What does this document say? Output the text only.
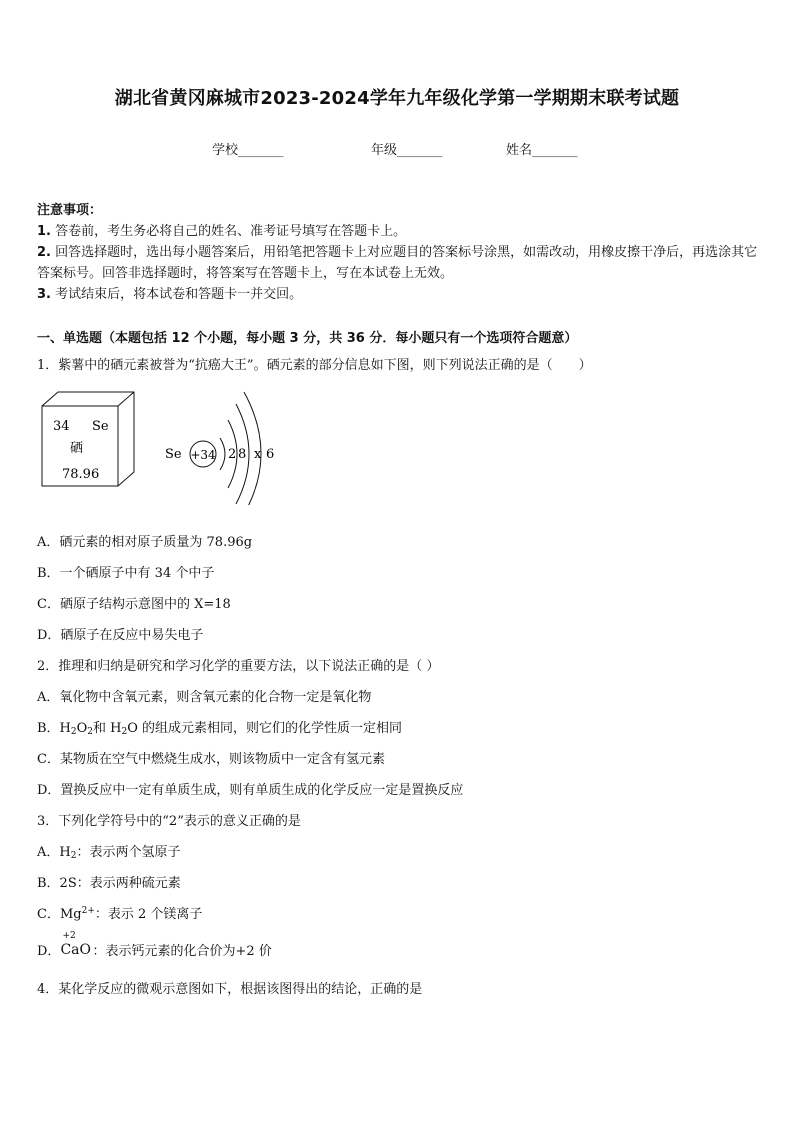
湖北省黄冈麻城市2023-2024学年九年级化学第一学期期末联考试题
学校_______	年级_______	姓名_______
注意事项：
1. 答卷前，考生务必将自己的姓名、准考证号填写在答题卡上。
2. 回答选择题时，选出每小题答案后，用铅笔把答题卡上对应题目的答案标号涂黑，如需改动，用橡皮擦干净后，再选涂其它答案标号。回答非选择题时，将答案写在答题卡上，写在本试卷上无效。
3. 考试结束后，将本试卷和答题卡一并交回。
一、单选题（本题包括 12 个小题，每小题 3 分，共 36 分．每小题只有一个选项符合题意）
1．紫薯中的硒元素被誉为“抗癌大王”。硒元素的部分信息如下图，则下列说法正确的是（　　）
34 Se
硒
78.96
Se +34 2 8 x 6
A．硒元素的相对原子质量为 78.96g
B．一个硒原子中有 34 个中子
C．硒原子结构示意图中的 X=18
D．硒原子在反应中易失电子
2．推理和归纳是研究和学习化学的重要方法，以下说法正确的是（ ）
A．氧化物中含氧元素，则含氧元素的化合物一定是氧化物
B．$H_2O_2$和 $H_2O$ 的组成元素相同，则它们的化学性质一定相同
C．某物质在空气中燃烧生成水，则该物质中一定含有氢元素
D．置换反应中一定有单质生成，则有单质生成的化学反应一定是置换反应
3．下列化学符号中的“2”表示的意义正确的是
A．$H_2$：表示两个氢原子
B．2S：表示两种硫元素
C．$Mg^{2+}$：表示 2 个镁离子
D．
+2
CaO ：表示钙元素的化合价为+2 价
4．某化学反应的微观示意图如下，根据该图得出的结论，正确的是
